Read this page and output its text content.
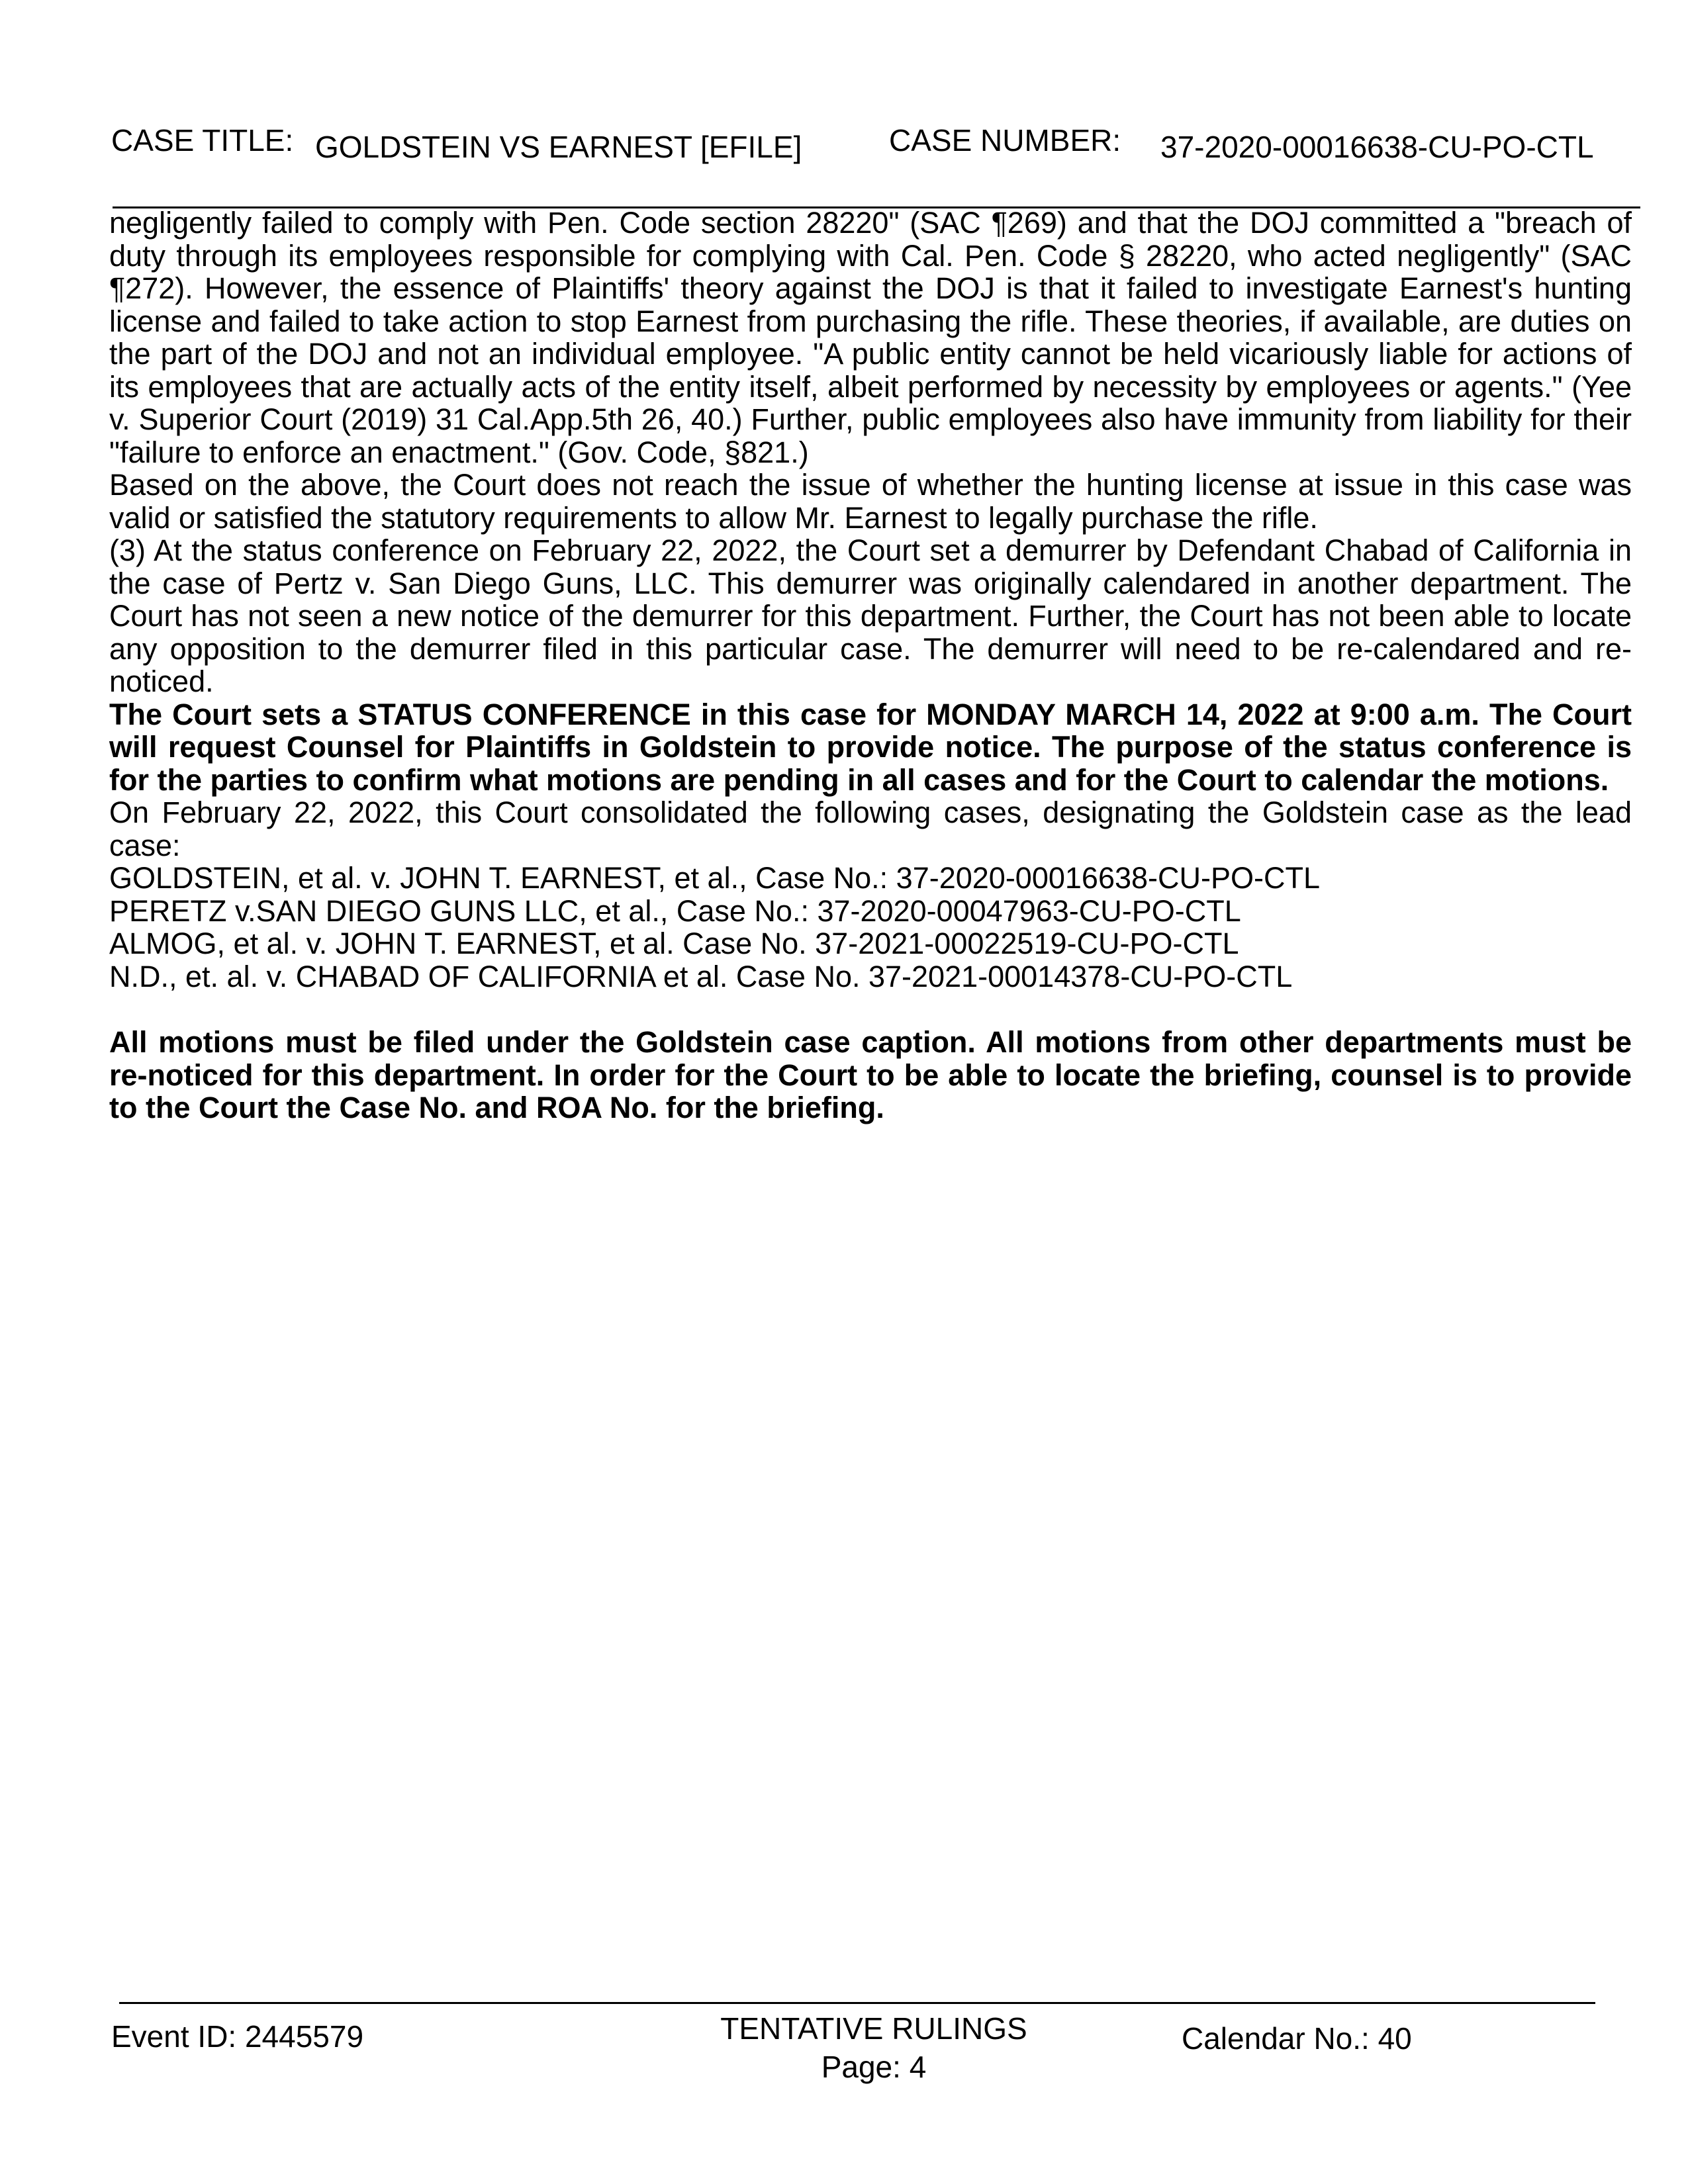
CASE TITLE: GOLDSTEIN VS EARNEST [EFILE]	CASE NUMBER: 37-2020-00016638-CU-PO-CTL

negligently failed to comply with Pen. Code section 28220" (SAC ¶269) and that the DOJ committed a "breach of duty through its employees responsible for complying with Cal. Pen. Code § 28220, who acted negligently" (SAC ¶272). However, the essence of Plaintiffs' theory against the DOJ is that it failed to investigate Earnest's hunting license and failed to take action to stop Earnest from purchasing the rifle. These theories, if available, are duties on the part of the DOJ and not an individual employee. "A public entity cannot be held vicariously liable for actions of its employees that are actually acts of the entity itself, albeit performed by necessity by employees or agents." (Yee v. Superior Court (2019) 31 Cal.App.5th 26, 40.) Further, public employees also have immunity from liability for their "failure to enforce an enactment." (Gov. Code, §821.)

Based on the above, the Court does not reach the issue of whether the hunting license at issue in this case was valid or satisfied the statutory requirements to allow Mr. Earnest to legally purchase the rifle.

(3) At the status conference on February 22, 2022, the Court set a demurrer by Defendant Chabad of California in the case of Pertz v. San Diego Guns, LLC. This demurrer was originally calendared in another department. The Court has not seen a new notice of the demurrer for this department. Further, the Court has not been able to locate any opposition to the demurrer filed in this particular case. The demurrer will need to be re-calendared and re-noticed.

The Court sets a STATUS CONFERENCE in this case for MONDAY MARCH 14, 2022 at 9:00 a.m. The Court will request Counsel for Plaintiffs in Goldstein to provide notice. The purpose of the status conference is for the parties to confirm what motions are pending in all cases and for the Court to calendar the motions.

On February 22, 2022, this Court consolidated the following cases, designating the Goldstein case as the lead case:

GOLDSTEIN, et al. v. JOHN T. EARNEST, et al., Case No.: 37-2020-00016638-CU-PO-CTL

PERETZ v.SAN DIEGO GUNS LLC, et al., Case No.: 37-2020-00047963-CU-PO-CTL

ALMOG, et al. v. JOHN T. EARNEST, et al. Case No. 37-2021-00022519-CU-PO-CTL

N.D., et. al. v. CHABAD OF CALIFORNIA et al. Case No. 37-2021-00014378-CU-PO-CTL

All motions must be filed under the Goldstein case caption. All motions from other departments must be re-noticed for this department. In order for the Court to be able to locate the briefing, counsel is to provide to the Court the Case No. and ROA No. for the briefing.

Event ID: 2445579	TENTATIVE RULINGS
Page: 4
Calendar No.: 40
